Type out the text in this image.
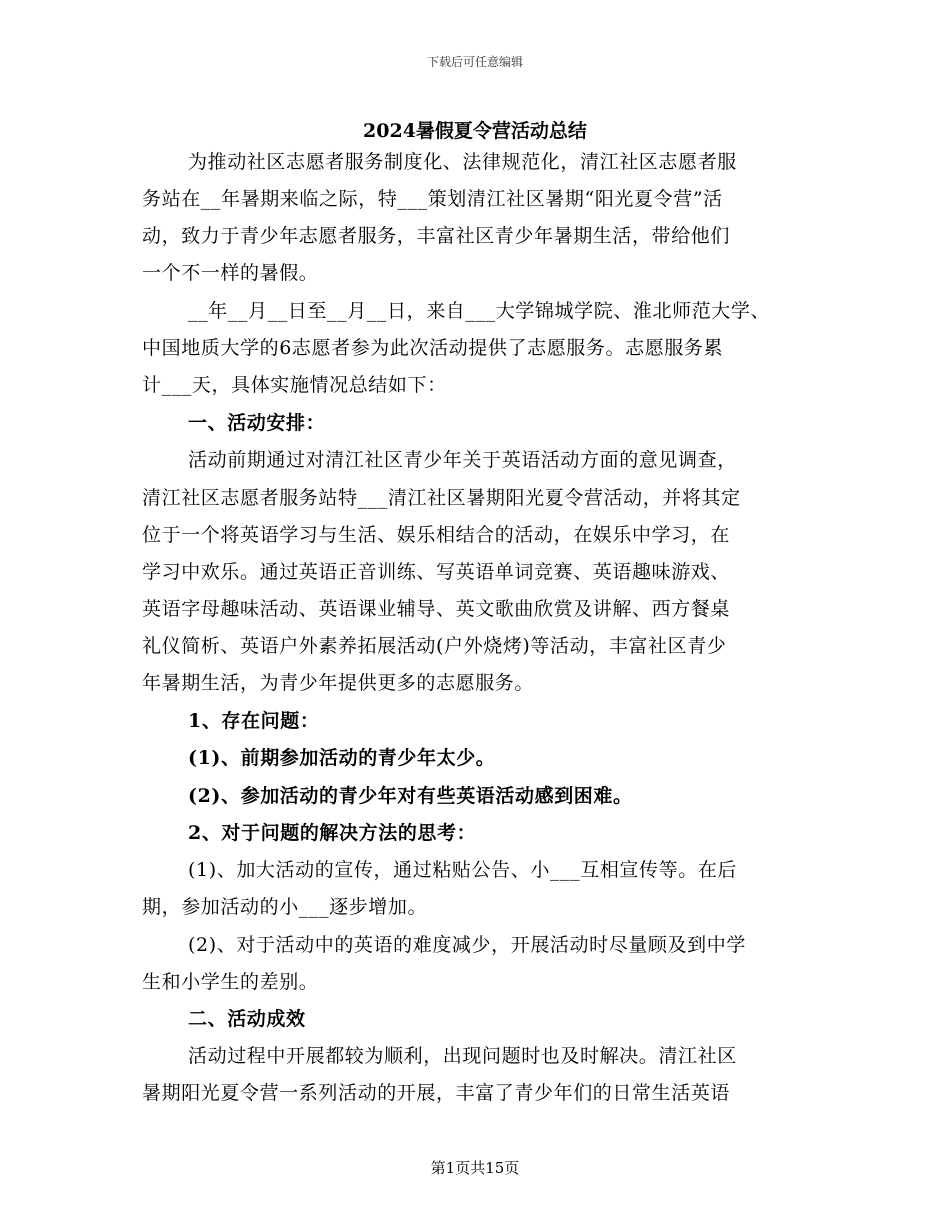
下载后可任意编辑
2024暑假夏令营活动总结
为推动社区志愿者服务制度化、法律规范化，清江社区志愿者服
务站在__年暑期来临之际，特___策划清江社区暑期“阳光夏令营”活
动，致力于青少年志愿者服务，丰富社区青少年暑期生活，带给他们
一个不一样的暑假。
__年__月__日至__月__日，来自___大学锦城学院、淮北师范大学、
中国地质大学的6志愿者参为此次活动提供了志愿服务。志愿服务累
计___天，具体实施情况总结如下：
一、活动安排：
活动前期通过对清江社区青少年关于英语活动方面的意见调查，
清江社区志愿者服务站特___清江社区暑期阳光夏令营活动，并将其定
位于一个将英语学习与生活、娱乐相结合的活动，在娱乐中学习，在
学习中欢乐。通过英语正音训练、写英语单词竞赛、英语趣味游戏、
英语字母趣味活动、英语课业辅导、英文歌曲欣赏及讲解、西方餐桌
礼仪简析、英语户外素养拓展活动(户外烧烤)等活动，丰富社区青少
年暑期生活，为青少年提供更多的志愿服务。
1、存在问题：
(1)、前期参加活动的青少年太少。
(2)、参加活动的青少年对有些英语活动感到困难。
2、对于问题的解决方法的思考：
(1)、加大活动的宣传，通过粘贴公告、小___互相宣传等。在后
期，参加活动的小___逐步增加。
(2)、对于活动中的英语的难度减少，开展活动时尽量顾及到中学
生和小学生的差别。
二、活动成效
活动过程中开展都较为顺利，出现问题时也及时解决。清江社区
暑期阳光夏令营一系列活动的开展，丰富了青少年们的日常生活英语
第1页共15页
